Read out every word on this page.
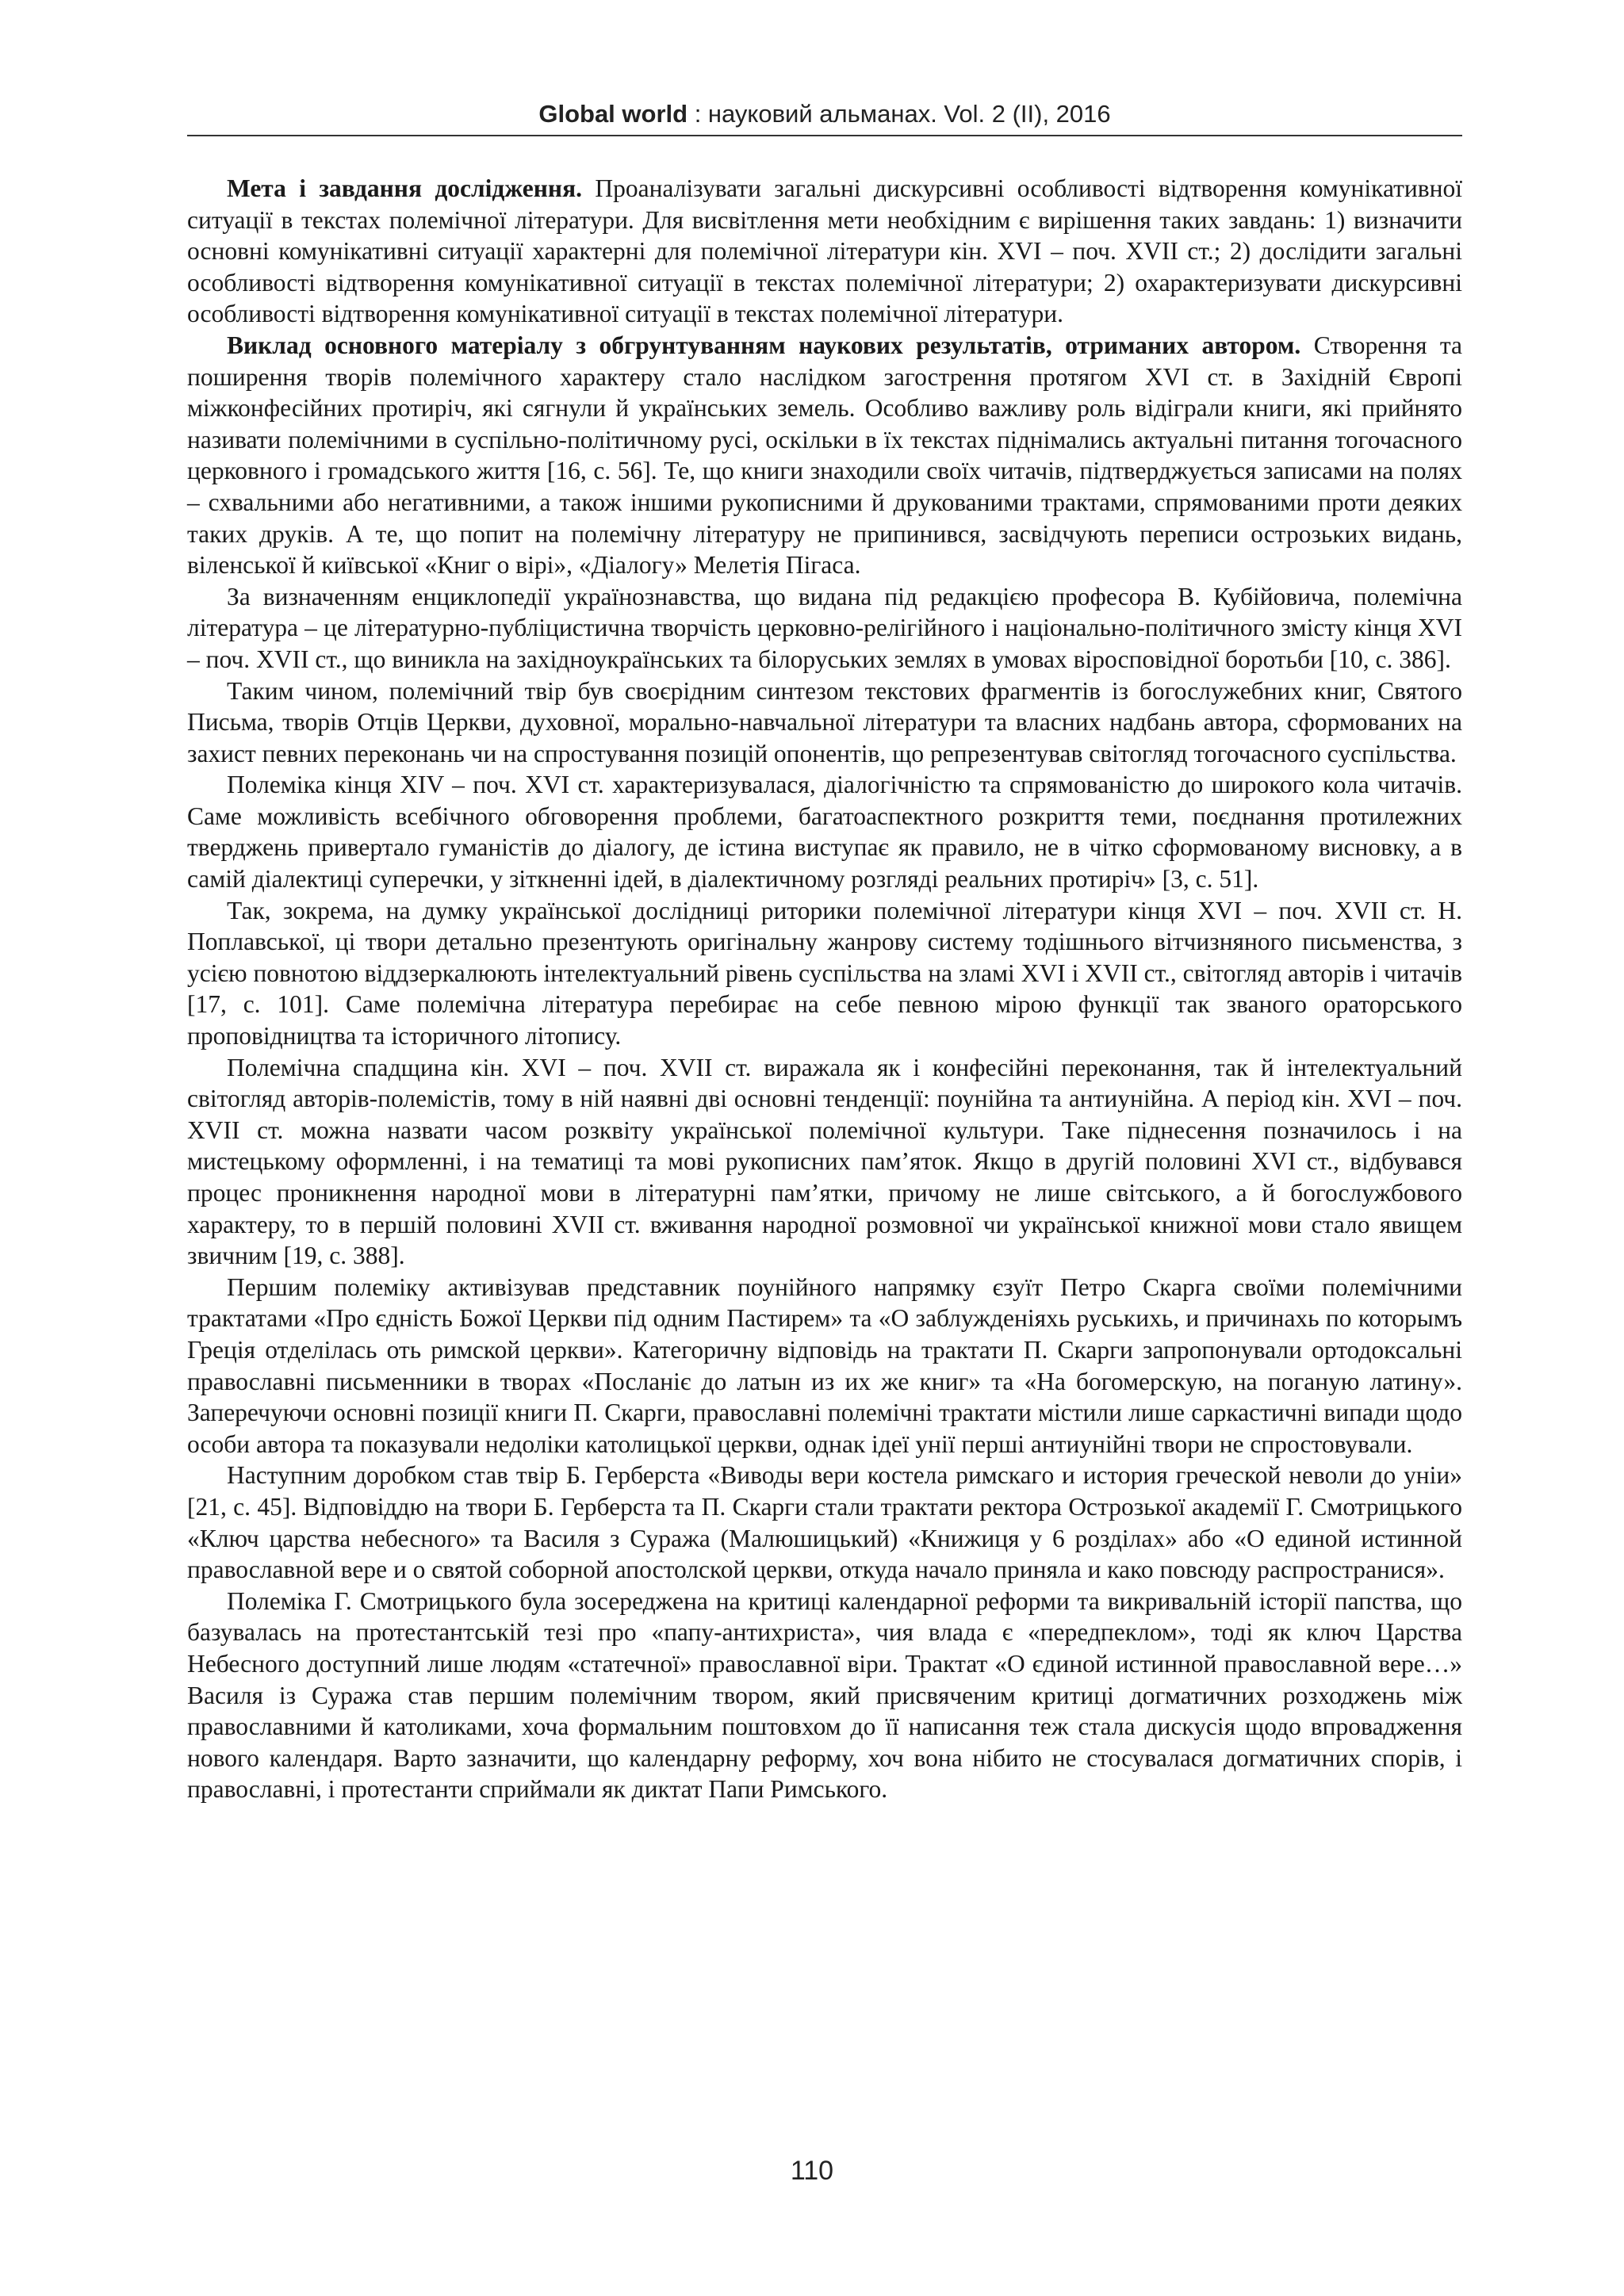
Global world : науковий альманах. Vol. 2 (II), 2016

Мета і завдання дослідження. Проаналізувати загальні дискурсивні особливості відтворення комунікативної ситуації в текстах полемічної літератури. Для висвітлення мети необхідним є вирішення таких завдань: 1) визначити основні комунікативні ситуації характерні для полемічної літератури кін. XVI – поч. XVII ст.; 2) дослідити загальні особливості відтворення комунікативної ситуації в текстах полемічної літератури; 2) охарактеризувати дискурсивні особливості відтворення комунікативної ситуації в текстах полемічної літератури.

Виклад основного матеріалу з обгрунтуванням наукових результатів, отриманих автором. Створення та поширення творів полемічного характеру стало наслідком загострення протягом XVI ст. в Західній Європі міжконфесійних протиріч, які сягнули й українських земель. Особливо важливу роль відіграли книги, які прийнято називати полемічними в суспільно-політичному русі, оскільки в їх текстах піднімались актуальні питання тогочасного церковного і громадського життя [16, с. 56]. Те, що книги знаходили своїх читачів, підтверджується записами на полях – схвальними або негативними, а також іншими рукописними й друкованими трактами, спрямованими проти деяких таких друків. А те, що попит на полемічну літературу не припинився, засвідчують переписи острозьких видань, віленської й київської «Книг о вірі», «Діалогу» Мелетія Пігаса.

За визначенням енциклопедії українознавства, що видана під редакцією професора В. Кубійовича, полемічна література – це літературно-публіцистична творчість церковно-релігійного і національно-політичного змісту кінця XVI – поч. XVII ст., що виникла на західноукраїнських та білоруських землях в умовах віросповідної боротьби [10, с. 386].

Таким чином, полемічний твір був своєрідним синтезом текстових фрагментів із богослужебних книг, Святого Письма, творів Отців Церкви, духовної, морально-навчальної літератури та власних надбань автора, сформованих на захист певних переконань чи на спростування позицій опонентів, що репрезентував світогляд тогочасного суспільства.

Полеміка кінця XIV – поч. XVI ст. характеризувалася, діалогічністю та спрямованістю до широкого кола читачів. Саме можливість всебічного обговорення проблеми, багатоаспектного розкриття теми, поєднання протилежних тверджень привертало гуманістів до діалогу, де істина виступає як правило, не в чітко сформованому висновку, а в самій діалектиці суперечки, у зіткненні ідей, в діалектичному розгляді реальних протиріч» [3, с. 51].

Так, зокрема, на думку української дослідниці риторики полемічної літератури кінця XVI – поч. XVII ст. Н. Поплавської, ці твори детально презентують оригінальну жанрову систему тодішнього вітчизняного письменства, з усією повнотою віддзеркалюють інтелектуальний рівень суспільства на зламі XVI і XVII ст., світогляд авторів і читачів [17, с. 101]. Саме полемічна література перебирає на себе певною мірою функції так званого ораторського проповідництва та історичного літопису.

Полемічна спадщина кін. XVI – поч. XVII ст. виражала як і конфесійні переконання, так й інтелектуальний світогляд авторів-полемістів, тому в ній наявні дві основні тенденції: поунійна та антиунійна. А період кін. XVI – поч. XVII ст. можна назвати часом розквіту української полемічної культури. Таке піднесення позначилось і на мистецькому оформленні, і на тематиці та мові рукописних пам’яток. Якщо в другій половині XVI ст., відбувався процес проникнення народної мови в літературні пам’ятки, причому не лише світського, а й богослужбового характеру, то в першій половині XVII ст. вживання народної розмовної чи української книжної мови стало явищем звичним [19, с. 388].

Першим полеміку активізував представник поунійного напрямку єзуїт Петро Скарга своїми полемічними трактатами «Про єдність Божої Церкви під одним Пастирем» та «О заблужденіяхь руськихь, и причинахь по которымъ Грецiя отделiлась оть римской церкви». Категоричну відповідь на трактати П. Скарги запропонували ортодоксальні православні письменники в творах «Посланіє до латын из их же книг» та «На богомерскую, на поганую латину». Заперечуючи основні позиції книги П. Скарги, православні полемічні трактати містили лише саркастичні випади щодо особи автора та показували недоліки католицької церкви, однак ідеї унії перші антиунійні твори не спростовували.

Наступним доробком став твір Б. Герберста «Виводы вери костела римскагo и история греческой неволи до унiи» [21, с. 45]. Відповіддю на твори Б. Герберста та П. Скарги стали трактати ректора Острозької академії Г. Смотрицького «Ключ царства небесного» та Василя з Суража (Малюшицький) «Книжиця у 6 розділах» або «О единой истинной православной вере и о святой соборной апостолской церкви, откуда начало приняла и како повсюду распространися».

Полеміка Г. Смотрицького була зосереджена на критиці календарної реформи та викривальній історії папства, що базувалась на протестантській тезі про «папу-антихриста», чия влада є «передпеклом», тоді як ключ Царства Небесного доступний лише людям «статечної» православної віри. Трактат «О єдиной истинной православной вере…» Василя із Суража став першим полемічним твором, який присвяченим критиці догматичних розходжень між православними й католиками, хоча формальним поштовхом до її написання теж стала дискусія щодо впровадження нового календаря. Варто зазначити, що календарну реформу, хоч вона нібито не стосувалася догматичних спорів, і православні, і протестанти сприймали як диктат Папи Римського.

110
